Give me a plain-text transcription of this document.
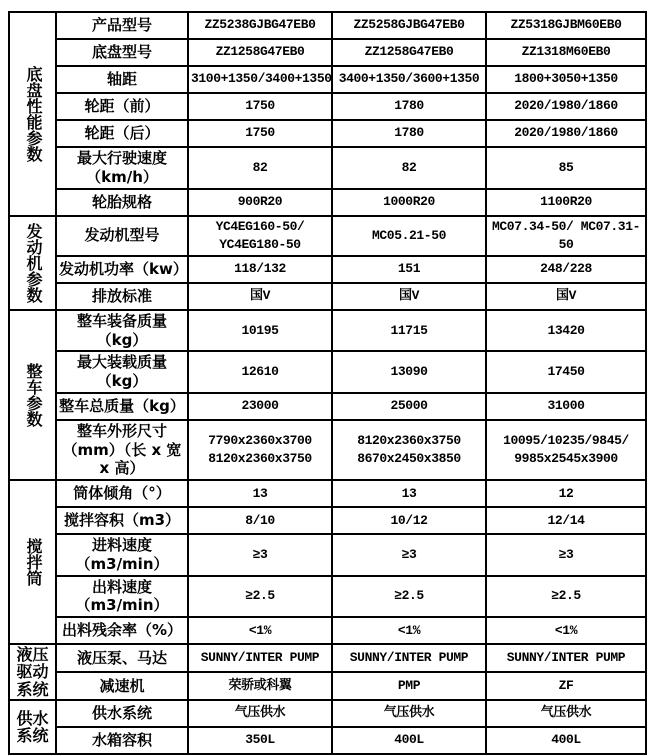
底盘性能参数	产品型号	ZZ5238GJBG47EB0	ZZ5258GJBG47EB0	ZZ5318GJBM60EB0
	底盘型号	ZZ1258G47EB0	ZZ1258G47EB0	ZZ1318M60EB0
	轴距	3100+1350/3400+1350	3400+1350/3600+1350	1800+3050+1350
	轮距（前）	1750	1780	2020/1980/1860
	轮距（后）	1750	1780	2020/1980/1860
	最大行驶速度（km/h）	82	82	85
	轮胎规格	900R20	1000R20	1100R20

发动机参数	发动机型号	YC4EG160-50/ YC4EG180-50	MC05.21-50	MC07.34-50/ MC07.31-50
	发动机功率（kw）	118/132	151	248/228
	排放标准	国V	国V	国V

整车参数	整车装备质量（kg）	10195	11715	13420
	最大装载质量（kg）	12610	13090	17450
	整车总质量（kg）	23000	25000	31000
	整车外形尺寸（mm）（长 x 宽 x 高）	7790x2360x3700 8120x2360x3750	8120x2360x3750 8670x2450x3850	10095/10235/9845/ 9985x2545x3900

搅拌筒	筒体倾角（°）	13	13	12
	搅拌容积（m3）	8/10	10/12	12/14
	进料速度（m3/min）	≥3	≥3	≥3
	出料速度（m3/min）	≥2.5	≥2.5	≥2.5
	出料残余率（%）	<1%	<1%	<1%

液压驱动系统	液压泵、马达	SUNNY/INTER PUMP	SUNNY/INTER PUMP	SUNNY/INTER PUMP
	减速机	荣骄或科翼	PMP	ZF

供水系统	供水系统	气压供水	气压供水	气压供水
	水箱容积	350L	400L	400L
